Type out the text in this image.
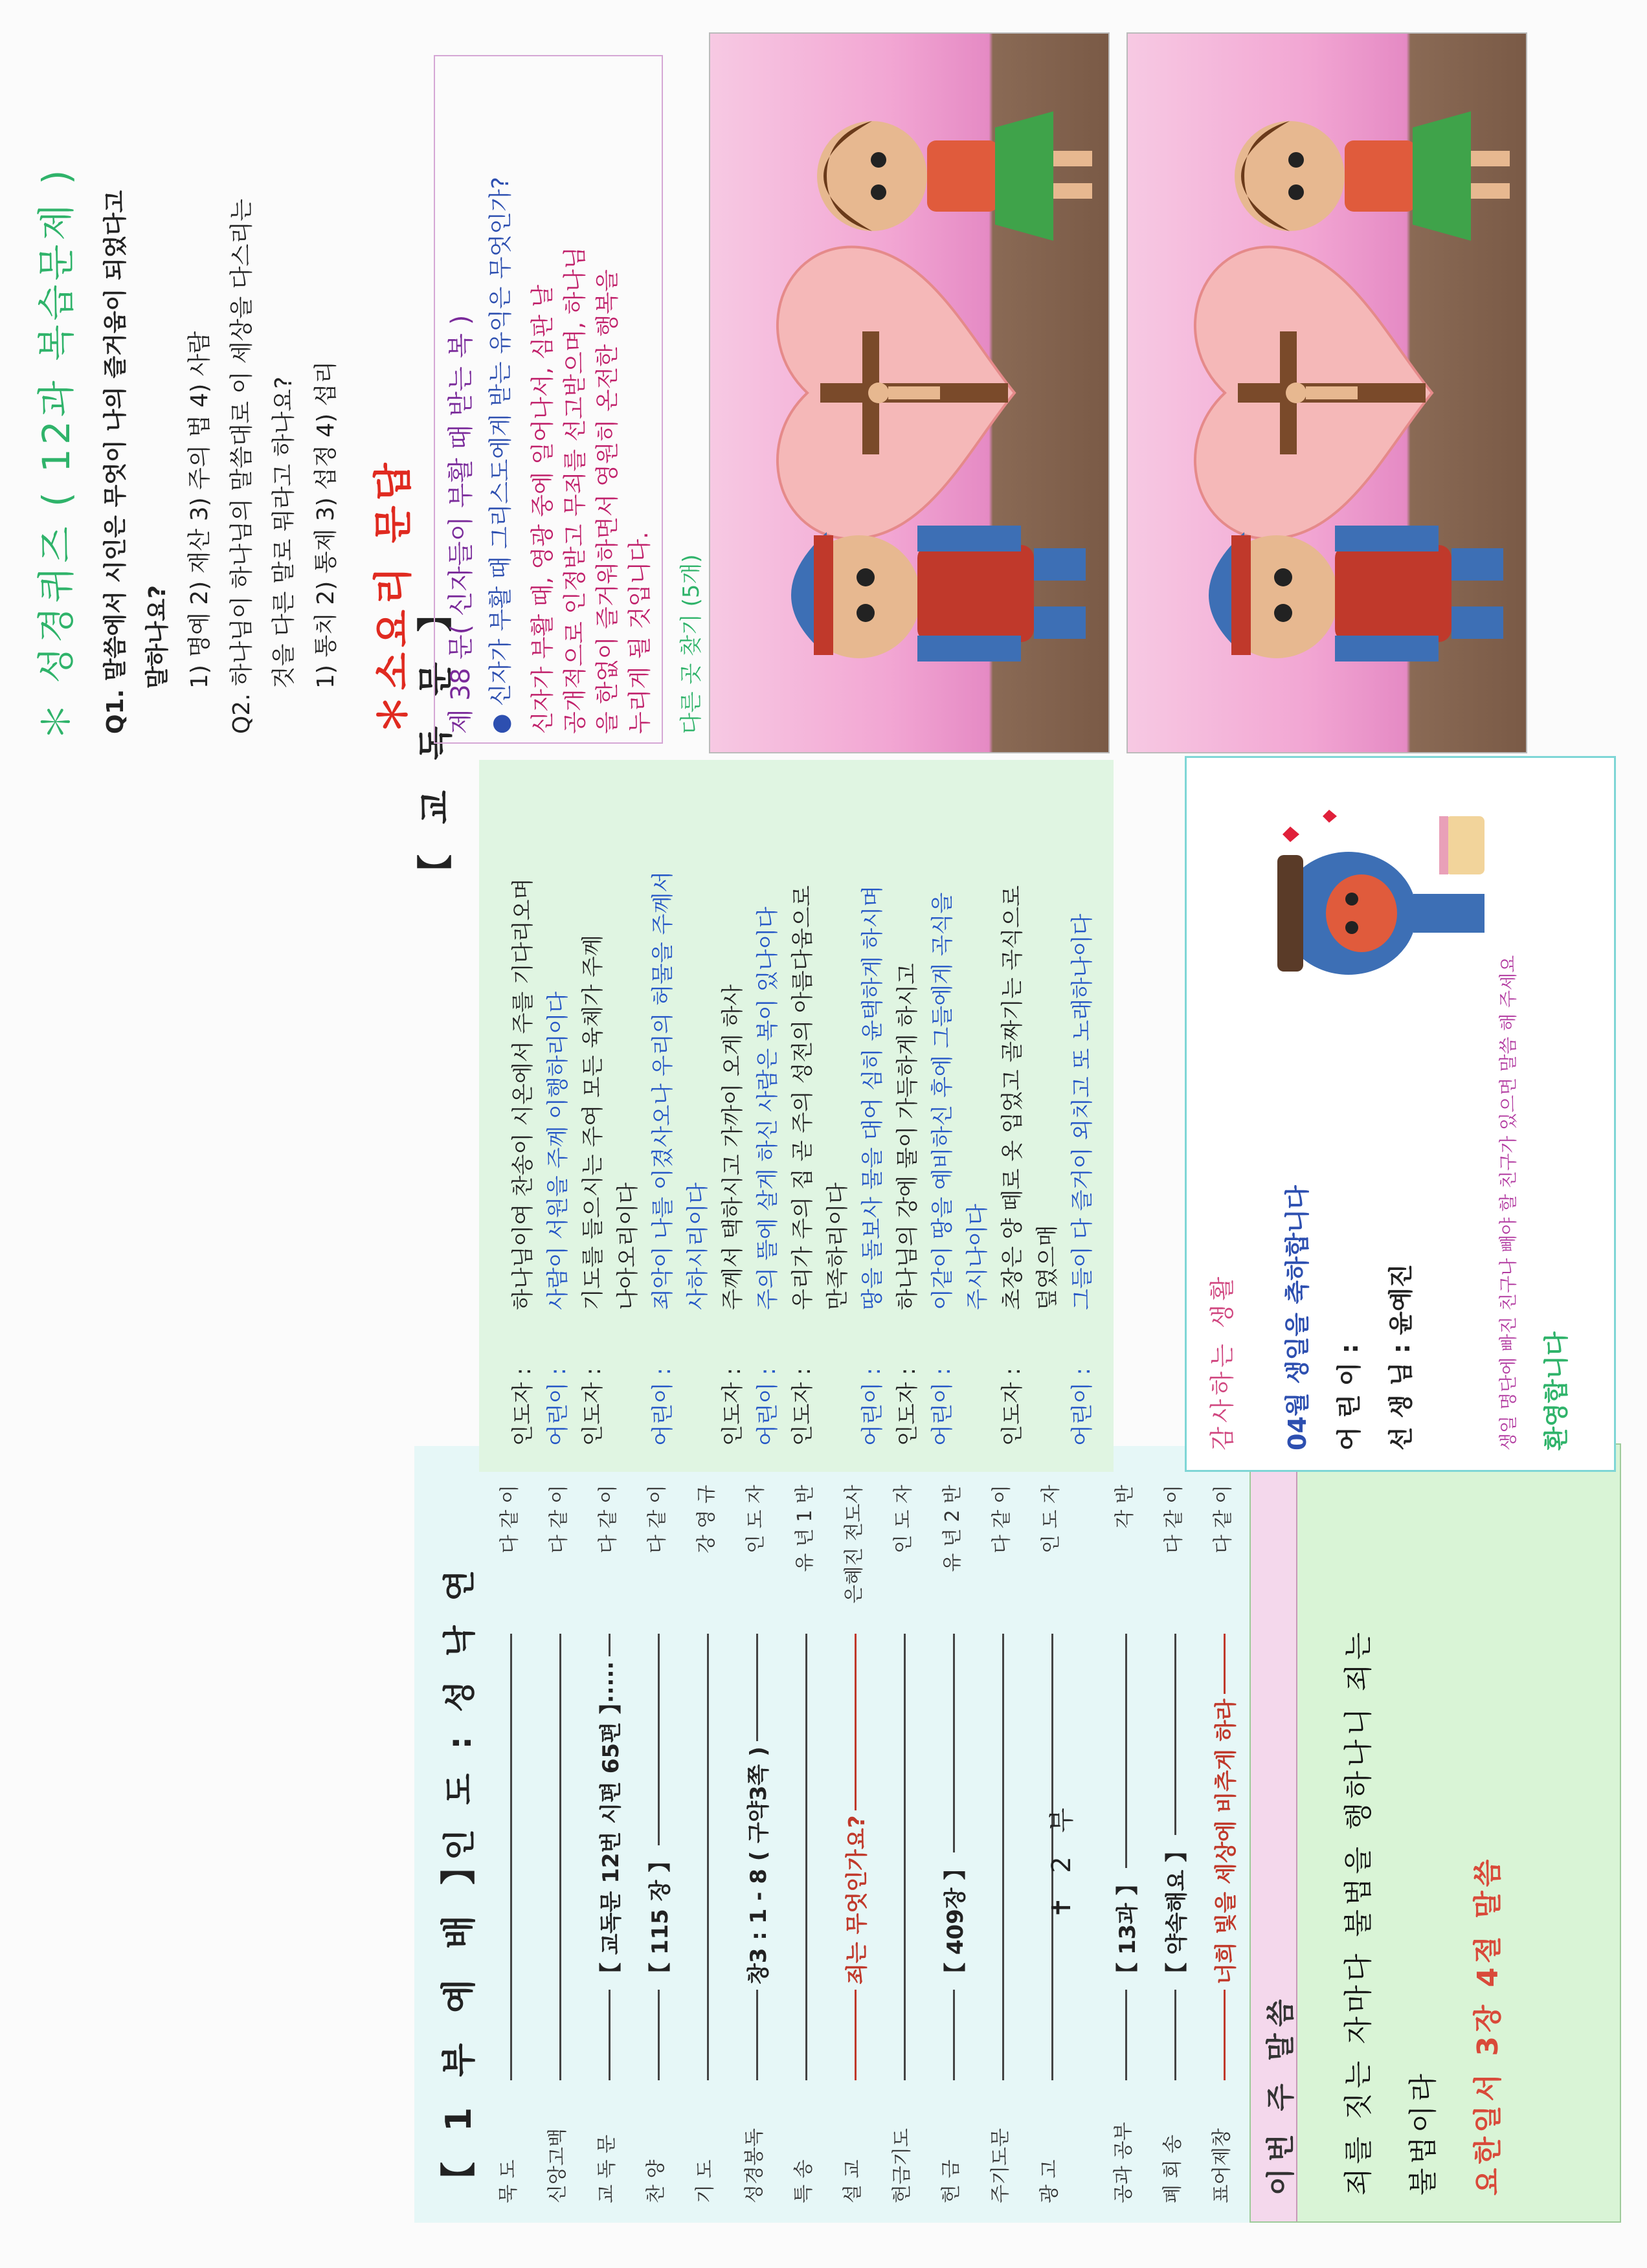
【 1 부 예 배 】
인 도 : 성 낙 연
묵 도
다 같 이
신앙고백
다 같 이
교 독 문
【 교독문 12번 시편 65편 】·····
다 같 이
찬 양
【 115 장 】
다 같 이
기 도
강 영 규
성경봉독
창3 : 1 - 8 ( 구약3쪽 )
인 도 자
특 송
유 년 1 반
설 교
죄는 무엇인가요?
은혜진 전도사
헌금기도
인 도 자
헌 금
【 409장 】
유 년 2 반
주기도문
다 같 이
광 고
인 도 자
✝ 2 부
공과 공부
【 13과 】
각 반
폐 회 송
【 약속해요 】
다 같 이
표어제창
너희 빛을 세상에 비추게 하라
다 같 이
이번 주 말씀 죄를 짓는 자마다 불법을 행하나니 죄는 불법이라 요한일서 3장 4절 말씀
【 교 독 문 】
인도자 :하나님이여 찬송이 시온에서 주를 기다리오며
어린이 :사람이 서원을 주께 이행하리이다
인도자 :기도를 들으시는 주여 모든 육체가 주께 나아오리이다
어린이 :죄악이 나를 이겼사오나 우리의 허물을 주께서 사하시리이다
인도자 :주께서 택하시고 가까이 오게 하사
어린이 :주의 뜰에 살게 하신 사람은 복이 있나이다
인도자 :우리가 주의 집 곧 주의 성전의 아름다움으로 만족하리이다
어린이 :땅을 돌보사 물을 대어 심히 윤택하게 하시며
인도자 :하나님의 강에 물이 가득하게 하시고
어린이 :이같이 땅을 예비하신 후에 그들에게 곡식을 주시나이다
인도자 :초장은 양 떼로 옷 입었고 골짜기는 곡식으로 덮였으매
어린이 :그들이 다 즐거이 외치고 또 노래하나이다
감사하는 생활 04월 생일을 축하합니다 어 린 이 : 선 생 님 : 윤예진	생일 명단에 빠진 친구나 빼야 할 친구가 있으면 말씀 해 주세요 환영합니다
＊ 성경퀴즈 ( 12과 복습문제 ) Q1. 말씀에서 시인은 무엇이 나의 즐거움이 되었다고 말하나요? 1) 명예 2) 재산 3) 주의 법 4) 사람 Q2. 하나님이 하나님의 말씀대로 이 세상을 다스리는 것을 다른 말로 뭐라고 하나요? 1) 통치 2) 통제 3) 섭정 4) 섭리 ＊소요리 문답 제 38 문( 신자들이 부활 때 받는 복 ) ● 신자가 부활 때 그리스도에게 받는 유익은 무엇인가? 신자가 부활 때, 영광 중에 일어나서, 심판 날 공개적으로 인정받고 무죄를 선고받으며, 하나님 을 한없이 즐거워하면서 영원히 온전한 행복을 누리게 될 것입니다. 다른 곳 찾기 (5개)
